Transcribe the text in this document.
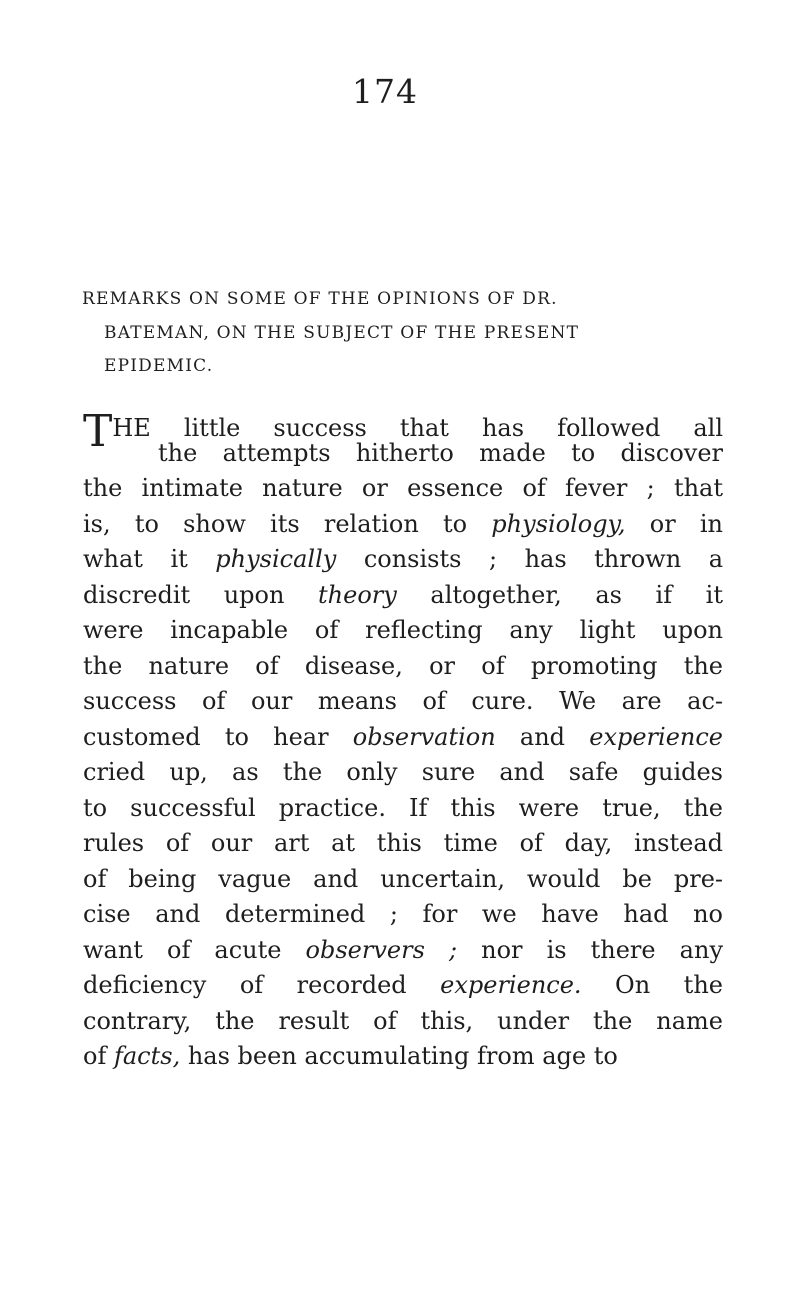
174
REMARKS ON SOME OF THE OPINIONS OF DR.
BATEMAN, ON THE SUBJECT OF THE PRESENT
EPIDEMIC.
THE little success that has followed all
the attempts hitherto made to discover
the intimate nature or essence of fever ; that
is, to show its relation to physiology, or in
what it physically consists ; has thrown a
discredit upon theory altogether, as if it
were incapable of reflecting any light upon
the nature of disease, or of promoting the
success of our means of cure. We are ac-
customed to hear observation and experience
cried up, as the only sure and safe guides
to successful practice. If this were true, the
rules of our art at this time of day, instead
of being vague and uncertain, would be pre-
cise and determined ; for we have had no
want of acute observers ; nor is there any
deficiency of recorded experience. On the
contrary, the result of this, under the name
of facts, has been accumulating from age to
